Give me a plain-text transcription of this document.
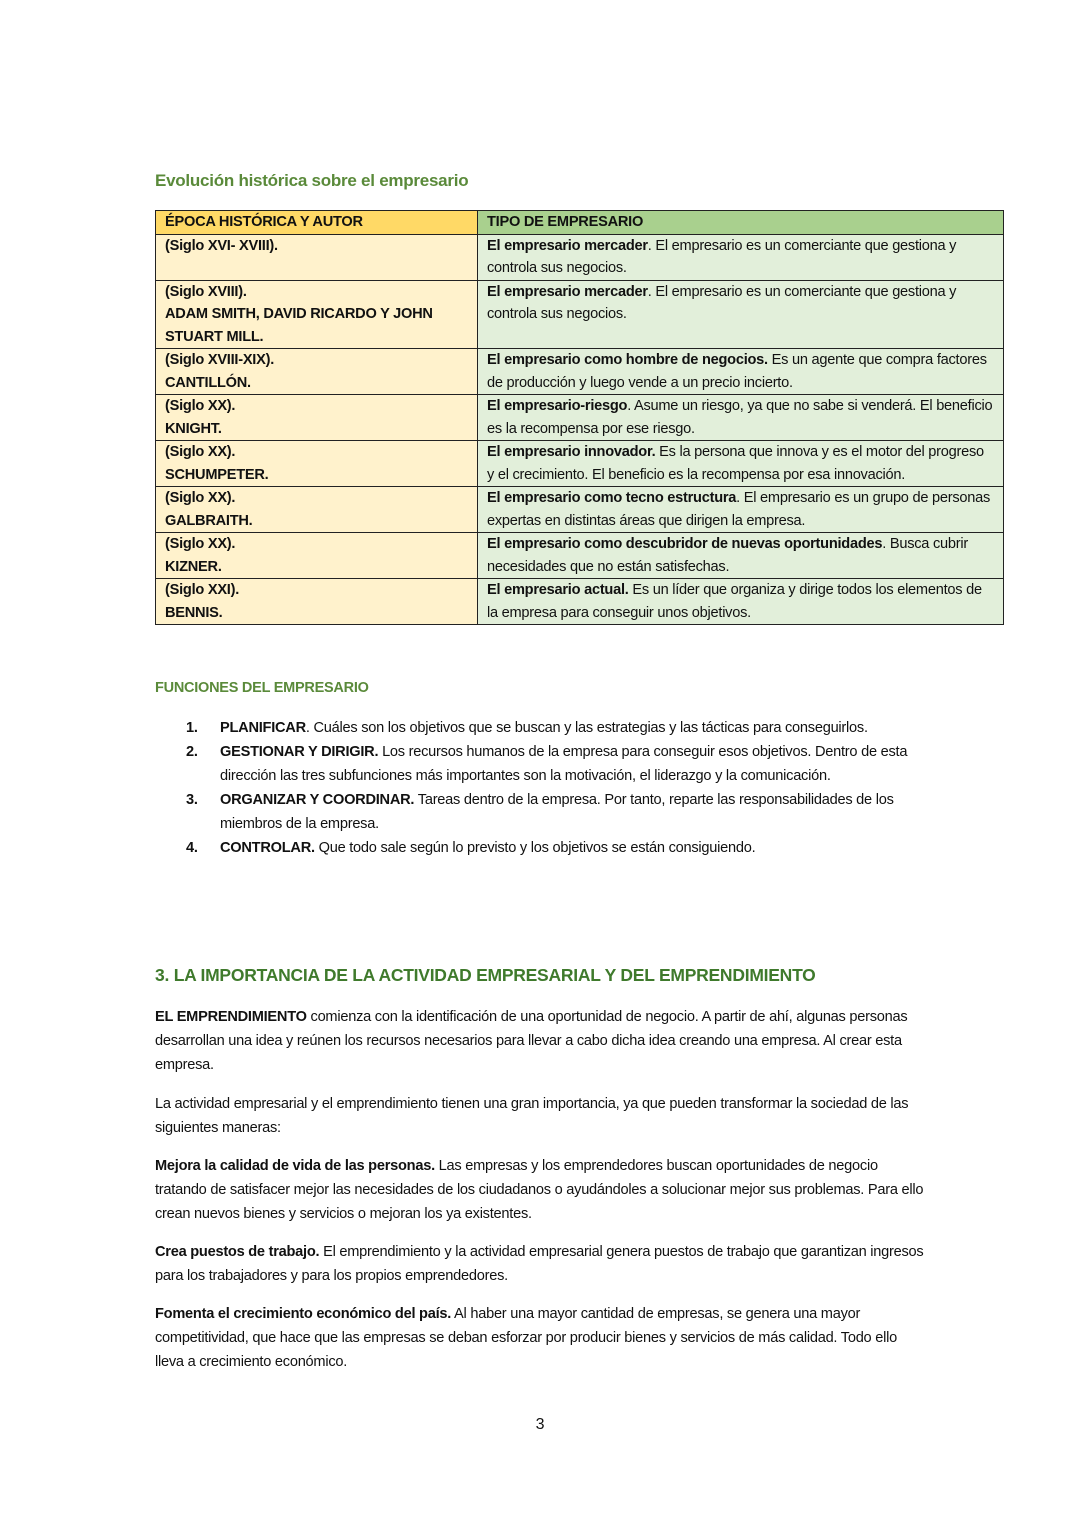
Evolución histórica sobre el empresario
ÉPOCA HISTÓRICA Y AUTOR	TIPO DE EMPRESARIO

(Siglo XVI- XVIII).	El empresario mercader. El empresario es un comerciante que gestiona y controla sus negocios.

(Siglo XVIII).
ADAM SMITH, DAVID RICARDO Y JOHN STUART MILL.	El empresario mercader. El empresario es un comerciante que gestiona y controla sus negocios.

(Siglo XVIII-XIX).
CANTILLÓN.	El empresario como hombre de negocios. Es un agente que compra factores de producción y luego vende a un precio incierto.

(Siglo XX).
KNIGHT.	El empresario-riesgo. Asume un riesgo, ya que no sabe si venderá. El beneficio es la recompensa por ese riesgo.

(Siglo XX).
SCHUMPETER.	El empresario innovador. Es la persona que innova y es el motor del progreso y el crecimiento. El beneficio es la recompensa por esa innovación.

(Siglo XX).
GALBRAITH.	El empresario como tecno estructura. El empresario es un grupo de personas expertas en distintas áreas que dirigen la empresa.

(Siglo XX).
KIZNER.	El empresario como descubridor de nuevas oportunidades. Busca cubrir necesidades que no están satisfechas.

(Siglo XXI).
BENNIS.	El empresario actual. Es un líder que organiza y dirige todos los elementos de la empresa para conseguir unos objetivos.
FUNCIONES DEL EMPRESARIO
1. PLANIFICAR. Cuáles son los objetivos que se buscan y las estrategias y las tácticas para conseguirlos.
2. GESTIONAR Y DIRIGIR. Los recursos humanos de la empresa para conseguir esos objetivos. Dentro de esta dirección las tres subfunciones más importantes son la motivación, el liderazgo y la comunicación.
3. ORGANIZAR Y COORDINAR. Tareas dentro de la empresa. Por tanto, reparte las responsabilidades de los miembros de la empresa.
4. CONTROLAR. Que todo sale según lo previsto y los objetivos se están consiguiendo.
3. LA IMPORTANCIA DE LA ACTIVIDAD EMPRESARIAL Y DEL EMPRENDIMIENTO

EL EMPRENDIMIENTO comienza con la identificación de una oportunidad de negocio. A partir de ahí, algunas personas desarrollan una idea y reúnen los recursos necesarios para llevar a cabo dicha idea creando una empresa. Al crear esta empresa.

La actividad empresarial y el emprendimiento tienen una gran importancia, ya que pueden transformar la sociedad de las siguientes maneras:

Mejora la calidad de vida de las personas. Las empresas y los emprendedores buscan oportunidades de negocio tratando de satisfacer mejor las necesidades de los ciudadanos o ayudándoles a solucionar mejor sus problemas. Para ello crean nuevos bienes y servicios o mejoran los ya existentes.

Crea puestos de trabajo. El emprendimiento y la actividad empresarial genera puestos de trabajo que garantizan ingresos para los trabajadores y para los propios emprendedores.

Fomenta el crecimiento económico del país. Al haber una mayor cantidad de empresas, se genera una mayor competitividad, que hace que las empresas se deban esforzar por producir bienes y servicios de más calidad. Todo ello lleva a crecimiento económico.

3
